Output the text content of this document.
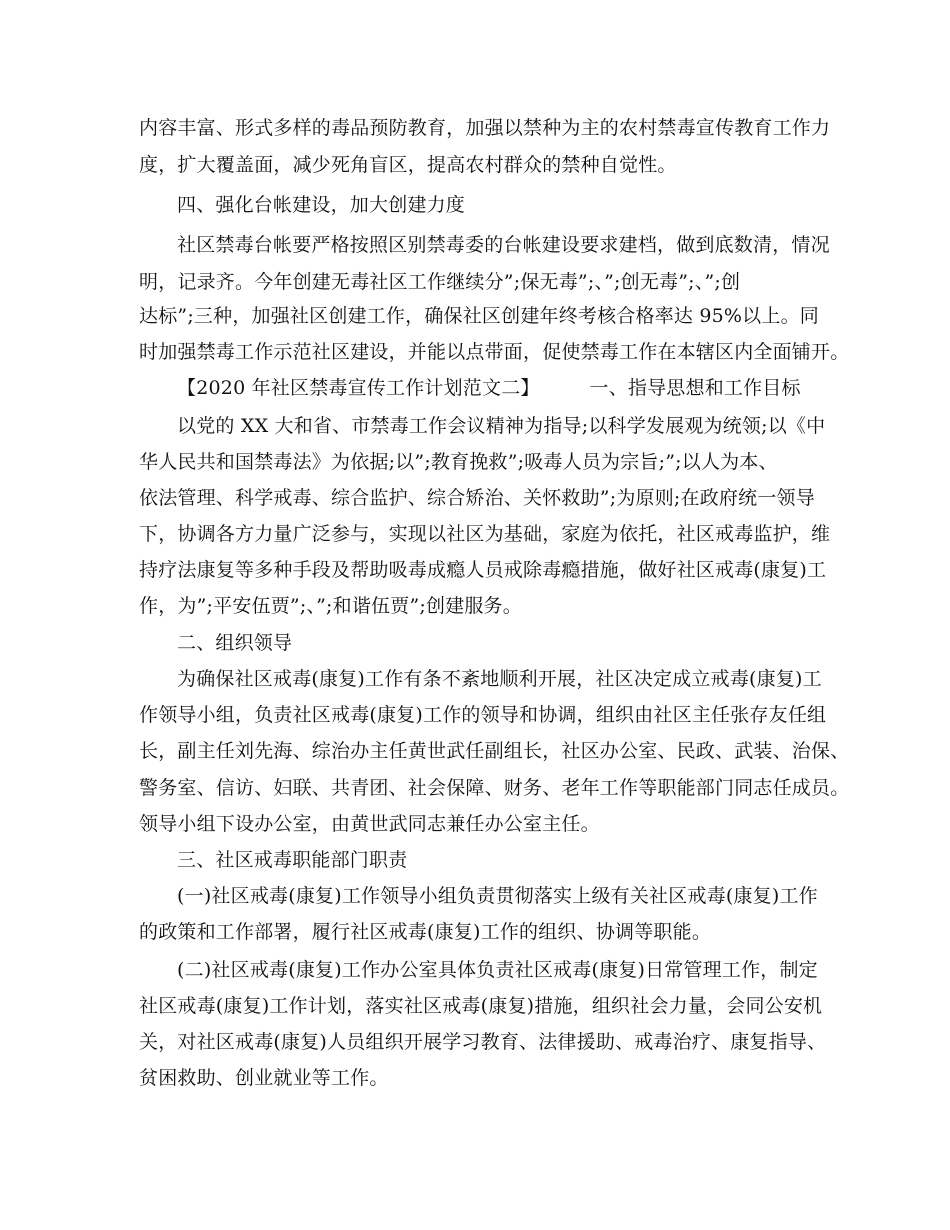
内容丰富、形式多样的毒品预防教育，加强以禁种为主的农村禁毒宣传教育工作力
度，扩大覆盖面，减少死角盲区，提高农村群众的禁种自觉性。
四、强化台帐建设，加大创建力度
社区禁毒台帐要严格按照区别禁毒委的台帐建设要求建档，做到底数清，情况
明，记录齐。今年创建无毒社区工作继续分”;保无毒”;、”;创无毒”;、”;创
达标”;三种，加强社区创建工作，确保社区创建年终考核合格率达 95%以上。同
时加强禁毒工作示范社区建设，并能以点带面，促使禁毒工作在本辖区内全面铺开。
【2020 年社区禁毒宣传工作计划范文二】        一、指导思想和工作目标
以党的 XX 大和省、市禁毒工作会议精神为指导;以科学发展观为统领;以《中
华人民共和国禁毒法》为依据;以”;教育挽救”;吸毒人员为宗旨;”;以人为本、
依法管理、科学戒毒、综合监护、综合矫治、关怀救助”;为原则;在政府统一领导
下，协调各方力量广泛参与，实现以社区为基础，家庭为依托，社区戒毒监护，维
持疗法康复等多种手段及帮助吸毒成瘾人员戒除毒瘾措施，做好社区戒毒(康复)工
作，为”;平安伍贾”;、”;和谐伍贾”;创建服务。
二、组织领导
为确保社区戒毒(康复)工作有条不紊地顺利开展，社区决定成立戒毒(康复)工
作领导小组，负责社区戒毒(康复)工作的领导和协调，组织由社区主任张存友任组
长，副主任刘先海、综治办主任黄世武任副组长，社区办公室、民政、武装、治保、
警务室、信访、妇联、共青团、社会保障、财务、老年工作等职能部门同志任成员。
领导小组下设办公室，由黄世武同志兼任办公室主任。
三、社区戒毒职能部门职责
(一)社区戒毒(康复)工作领导小组负责贯彻落实上级有关社区戒毒(康复)工作
的政策和工作部署，履行社区戒毒(康复)工作的组织、协调等职能。
(二)社区戒毒(康复)工作办公室具体负责社区戒毒(康复)日常管理工作，制定
社区戒毒(康复)工作计划，落实社区戒毒(康复)措施，组织社会力量，会同公安机
关，对社区戒毒(康复)人员组织开展学习教育、法律援助、戒毒治疗、康复指导、
贫困救助、创业就业等工作。
